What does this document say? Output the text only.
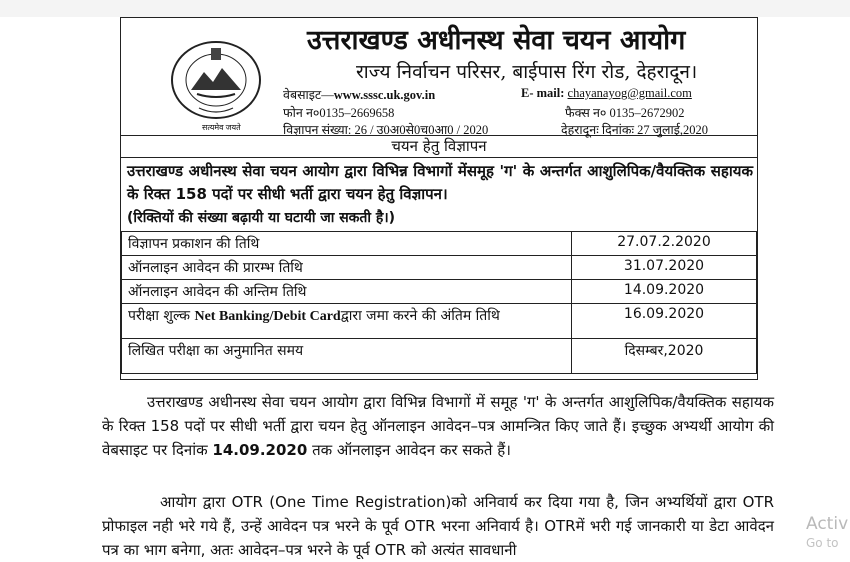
सत्यमेव जयते
उत्तराखण्ड अधीनस्थ सेवा चयन आयोग
राज्य निर्वाचन परिसर, बाईपास रिंग रोड, देहरादून।
वेबसाइट—www.sssc.uk.gov.in	E- mail: chayanayog@gmail.com
फोन न०0135–2669658	फैक्स न० 0135–2672902
विज्ञापन संख्या: 26 / उ0अ0से0च0आ0 / 2020	देहरादूनः दिनांकः 27 जुलाई,2020
चयन हेतु विज्ञापन
उत्तराखण्ड अधीनस्थ सेवा चयन आयोग द्वारा विभिन्न विभागों मेंसमूह 'ग' के अन्तर्गत आशुलिपिक/वैयक्तिक सहायक के रिक्त 158 पदों पर सीधी भर्ती द्वारा चयन हेतु विज्ञापन।
(रिक्तियों की संख्या बढ़ायी या घटायी जा सकती है।)
विज्ञापन प्रकाशन की तिथि	27.07.2.2020
ऑनलाइन आवेदन की प्रारम्भ तिथि	31.07.2020
ऑनलाइन आवेदन की अन्तिम तिथि	14.09.2020
परीक्षा शुल्क Net Banking/Debit Cardद्वारा जमा करने की अंतिम तिथि	16.09.2020
लिखित परीक्षा का अनुमानित समय	दिसम्बर,2020
उत्तराखण्ड अधीनस्थ सेवा चयन आयोग द्वारा विभिन्न विभागों में समूह 'ग' के अन्तर्गत आशुलिपिक/वैयक्तिक सहायक के रिक्त 158 पदों पर सीधी भर्ती द्वारा चयन हेतु ऑनलाइन आवेदन–पत्र आमन्त्रित किए जाते हैं। इच्छुक अभ्यर्थी आयोग की वेबसाइट पर दिनांक 14.09.2020 तक ऑनलाइन आवेदन कर सकते हैं।
आयोग द्वारा OTR (One Time Registration)को अनिवार्य कर दिया गया है, जिन अभ्यर्थियों द्वारा OTR प्रोफाइल नही भरे गये हैं, उन्हें आवेदन पत्र भरने के पूर्व OTR भरना अनिवार्य है। OTRमें भरी गई जानकारी या डेटा आवेदन पत्र का भाग बनेगा, अतः आवेदन–पत्र भरने के पूर्व OTR को अत्यंत सावधानी
Activ
Go to
